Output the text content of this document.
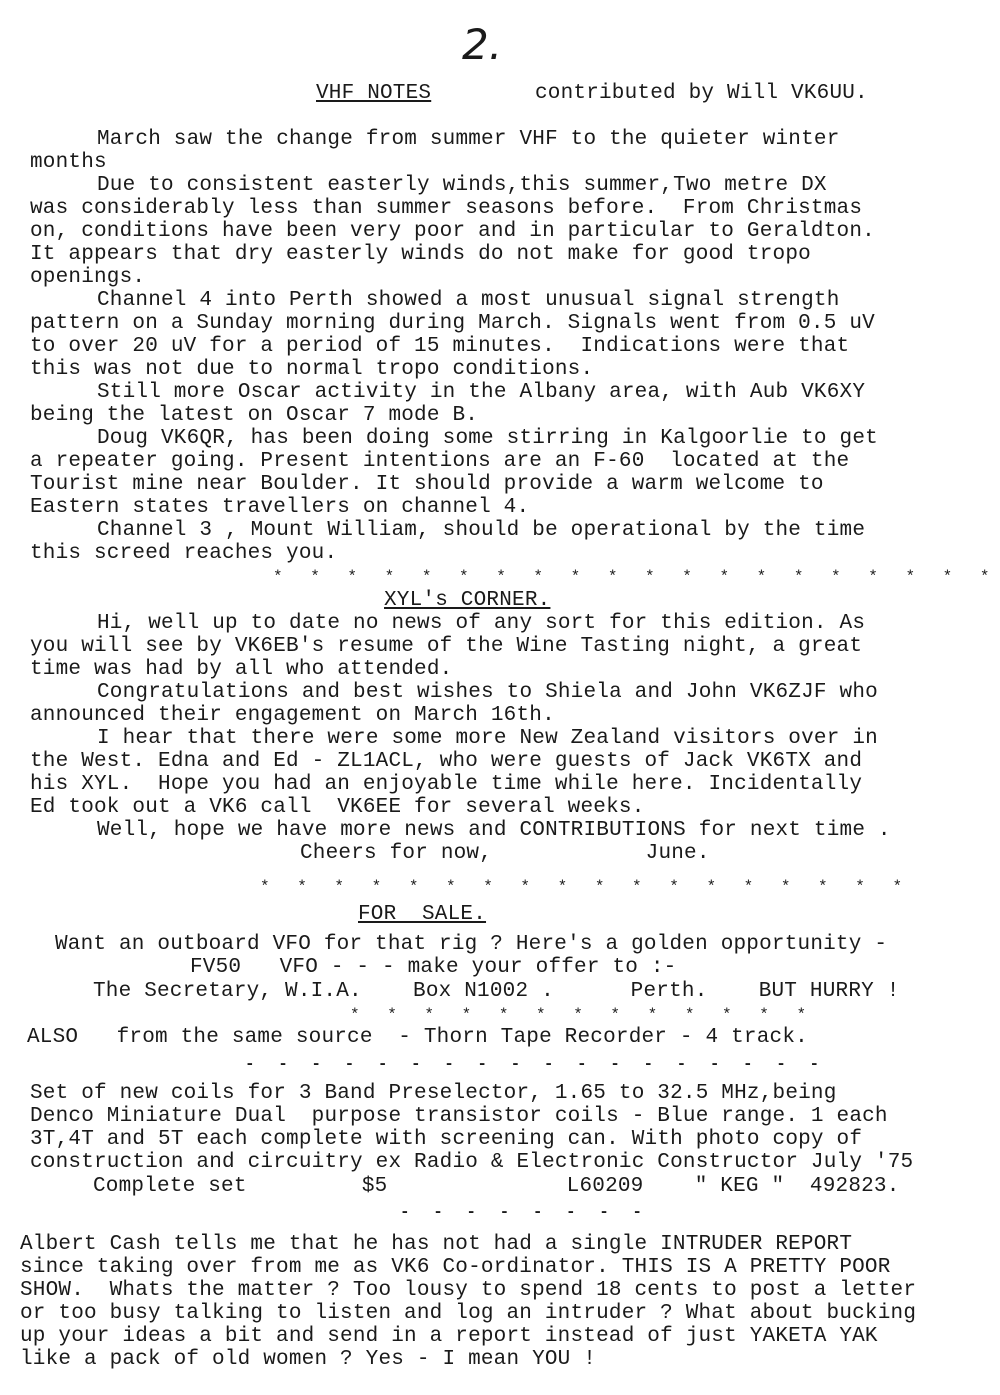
2.
VHF NOTES	contributed by Will VK6UU.
March saw the change from summer VHF to the quieter winter
months
Due to consistent easterly winds,this summer,Two metre DX
was considerably less than summer seasons before.  From Christmas
on, conditions have been very poor and in particular to Geraldton.
It appears that dry easterly winds do not make for good tropo
openings.
Channel 4 into Perth showed a most unusual signal strength
pattern on a Sunday morning during March. Signals went from 0.5 uV
to over 20 uV for a period of 15 minutes.  Indications were that
this was not due to normal tropo conditions.
Still more Oscar activity in the Albany area, with Aub VK6XY
being the latest on Oscar 7 mode B.
Doug VK6QR, has been doing some stirring in Kalgoorlie to get
a repeater going. Present intentions are an F-60  located at the
Tourist mine near Boulder. It should provide a warm welcome to
Eastern states travellers on channel 4.
Channel 3 , Mount William, should be operational by the time
this screed reaches you.
* * * * * * * * * * * * * * * * * * * *
XYL's CORNER.
Hi, well up to date no news of any sort for this edition. As
you will see by VK6EB's resume of the Wine Tasting night, a great
time was had by all who attended.
Congratulations and best wishes to Shiela and John VK6ZJF who
announced their engagement on March 16th.
I hear that there were some more New Zealand visitors over in
the West. Edna and Ed - ZL1ACL, who were guests of Jack VK6TX and
his XYL.  Hope you had an enjoyable time while here. Incidentally
Ed took out a VK6 call  VK6EE for several weeks.
Well, hope we have more news and CONTRIBUTIONS for next time .
Cheers for now,            June.
* * * * * * * * * * * * * * * * * *
FOR  SALE.
Want an outboard VFO for that rig ? Here's a golden opportunity -
FV50   VFO - - - make your offer to :-
The Secretary, W.I.A.    Box N1002 .      Perth.    BUT HURRY !
* * * * * * * * * * * * *
ALSO   from the same source  - Thorn Tape Recorder - 4 track.
- - - - - - - - - - - - - - - - - -
Set of new coils for 3 Band Preselector, 1.65 to 32.5 MHz,being
Denco Miniature Dual  purpose transistor coils - Blue range. 1 each
3T,4T and 5T each complete with screening can. With photo copy of
construction and circuitry ex Radio & Electronic Constructor July '75
Complete set         $5              L60209    " KEG "  492823.
- - - - - - - -
Albert Cash tells me that he has not had a single INTRUDER REPORT
since taking over from me as VK6 Co-ordinator. THIS IS A PRETTY POOR
SHOW.  Whats the matter ? Too lousy to spend 18 cents to post a letter
or too busy talking to listen and log an intruder ? What about bucking
up your ideas a bit and send in a report instead of just YAKETA YAK
like a pack of old women ? Yes - I mean YOU !
